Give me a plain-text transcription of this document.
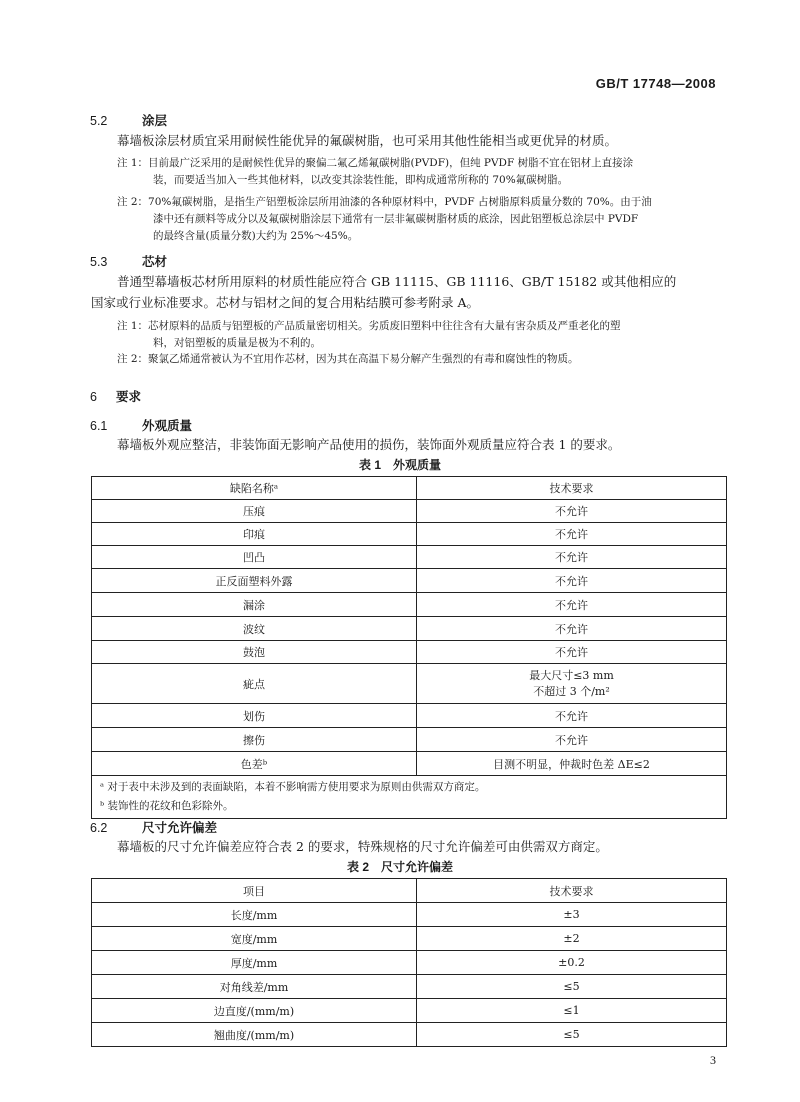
GB/T 17748—2008
5.2	涂层
幕墙板涂层材质宜采用耐候性能优异的氟碳树脂，也可采用其他性能相当或更优异的材质。
注 1：目前最广泛采用的是耐候性优异的聚偏二氟乙烯氟碳树脂(PVDF)，但纯 PVDF 树脂不宜在铝材上直接涂
装，而要适当加入一些其他材料，以改变其涂装性能，即构成通常所称的 70%氟碳树脂。
注 2：70%氟碳树脂，是指生产铝塑板涂层所用油漆的各种原材料中，PVDF 占树脂原料质量分数的 70%。由于油
漆中还有颜料等成分以及氟碳树脂涂层下通常有一层非氟碳树脂材质的底涂，因此铝塑板总涂层中 PVDF
的最终含量(质量分数)大约为 25%～45%。
5.3	芯材
普通型幕墙板芯材所用原料的材质性能应符合 GB 11115、GB 11116、GB/T 15182 或其他相应的
国家或行业标准要求。芯材与铝材之间的复合用粘结膜可参考附录 A。
注 1：芯材原料的品质与铝塑板的产品质量密切相关。劣质废旧塑料中往往含有大量有害杂质及严重老化的塑
料，对铝塑板的质量是极为不利的。
注 2：聚氯乙烯通常被认为不宜用作芯材，因为其在高温下易分解产生强烈的有毒和腐蚀性的物质。
6 要求
6.1	外观质量
幕墙板外观应整洁，非装饰面无影响产品使用的损伤，装饰面外观质量应符合表 1 的要求。
表 1　外观质量
缺陷名称ᵃ	技术要求
压痕	不允许
印痕	不允许
凹凸	不允许
正反面塑料外露	不允许
漏涂	不允许
波纹	不允许
鼓泡	不允许
疵点	最大尺寸≤3 mm
不超过 3 个/m²

划伤	不允许
擦伤	不允许
色差ᵇ	目测不明显，仲裁时色差 ΔE≤2

ᵃ 对于表中未涉及到的表面缺陷，本着不影响需方使用要求为原则由供需双方商定。
ᵇ 装饰性的花纹和色彩除外。	
6.2	尺寸允许偏差
幕墙板的尺寸允许偏差应符合表 2 的要求，特殊规格的尺寸允许偏差可由供需双方商定。
表 2　尺寸允许偏差
项目	技术要求
长度/mm	±3
宽度/mm	±2
厚度/mm	±0.2
对角线差/mm	≤5
边直度/(mm/m)	≤1
翘曲度/(mm/m)	≤5
3
